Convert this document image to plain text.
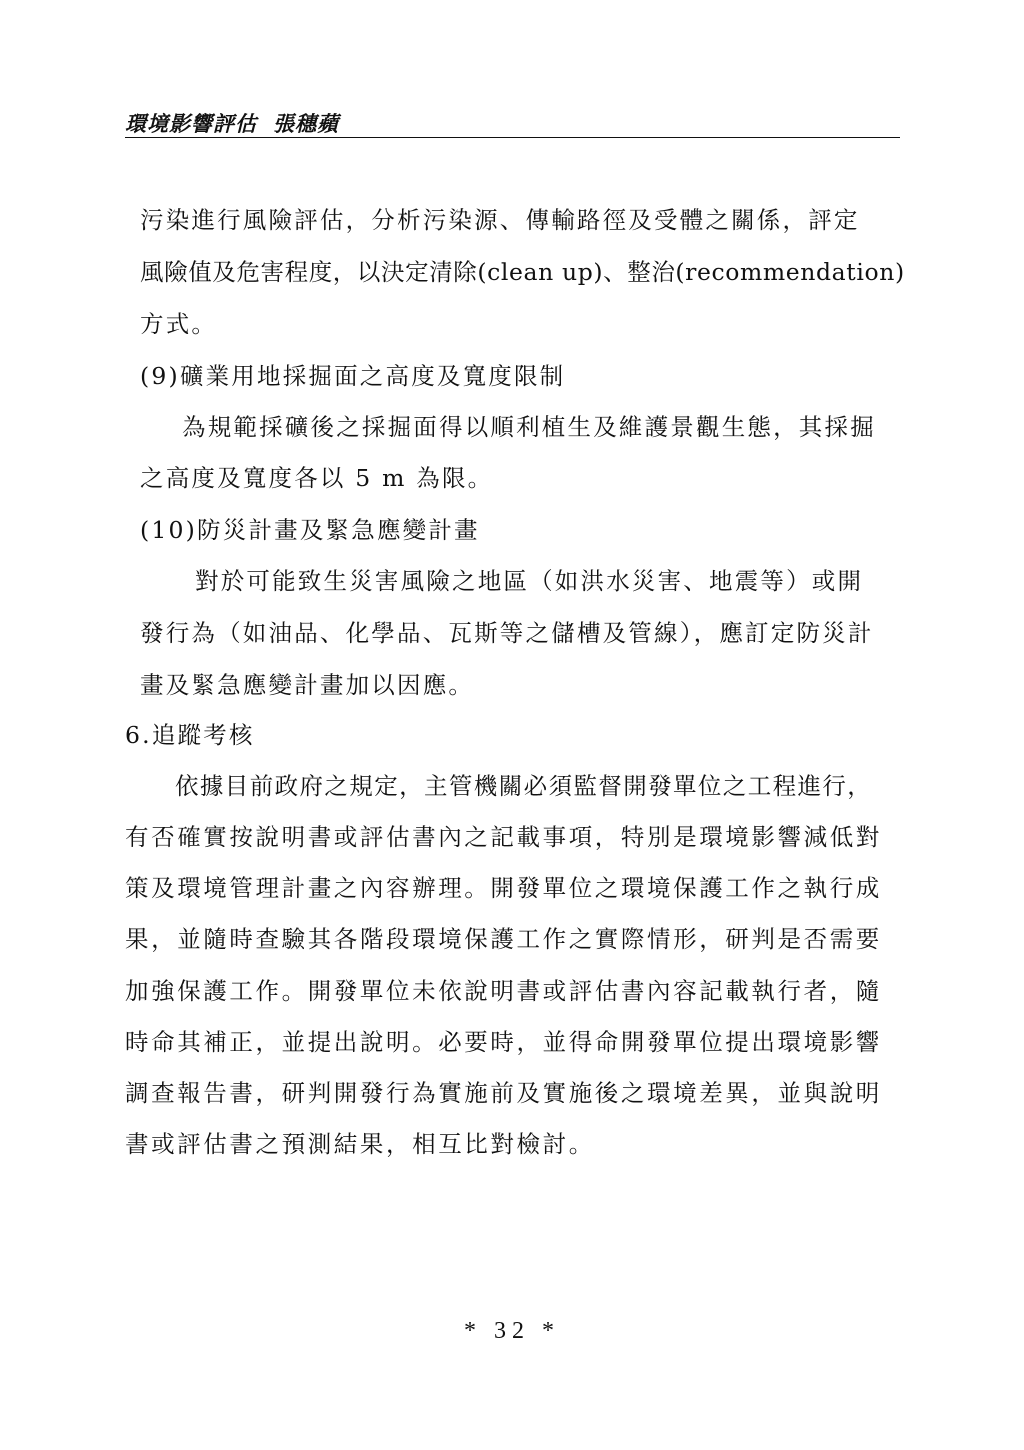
環境影響評估 張穗蘋
污染進行風險評估，分析污染源、傳輸路徑及受體之關係，評定
風險值及危害程度，以決定清除(clean up)、整治(recommendation)
方式。
(9)礦業用地採掘面之高度及寬度限制
為規範採礦後之採掘面得以順利植生及維護景觀生態，其採掘
之高度及寬度各以 5 m 為限。
(10)防災計畫及緊急應變計畫
對於可能致生災害風險之地區（如洪水災害、地震等）或開
發行為（如油品、化學品、瓦斯等之儲槽及管線），應訂定防災計
畫及緊急應變計畫加以因應。
6.追蹤考核
依據目前政府之規定，主管機關必須監督開發單位之工程進行，
有否確實按說明書或評估書內之記載事項，特別是環境影響減低對
策及環境管理計畫之內容辦理。開發單位之環境保護工作之執行成
果，並隨時查驗其各階段環境保護工作之實際情形，研判是否需要
加強保護工作。開發單位未依說明書或評估書內容記載執行者，隨
時命其補正，並提出說明。必要時，並得命開發單位提出環境影響
調查報告書，研判開發行為實施前及實施後之環境差異，並與說明
書或評估書之預測結果，相互比對檢討。
* 32 *
